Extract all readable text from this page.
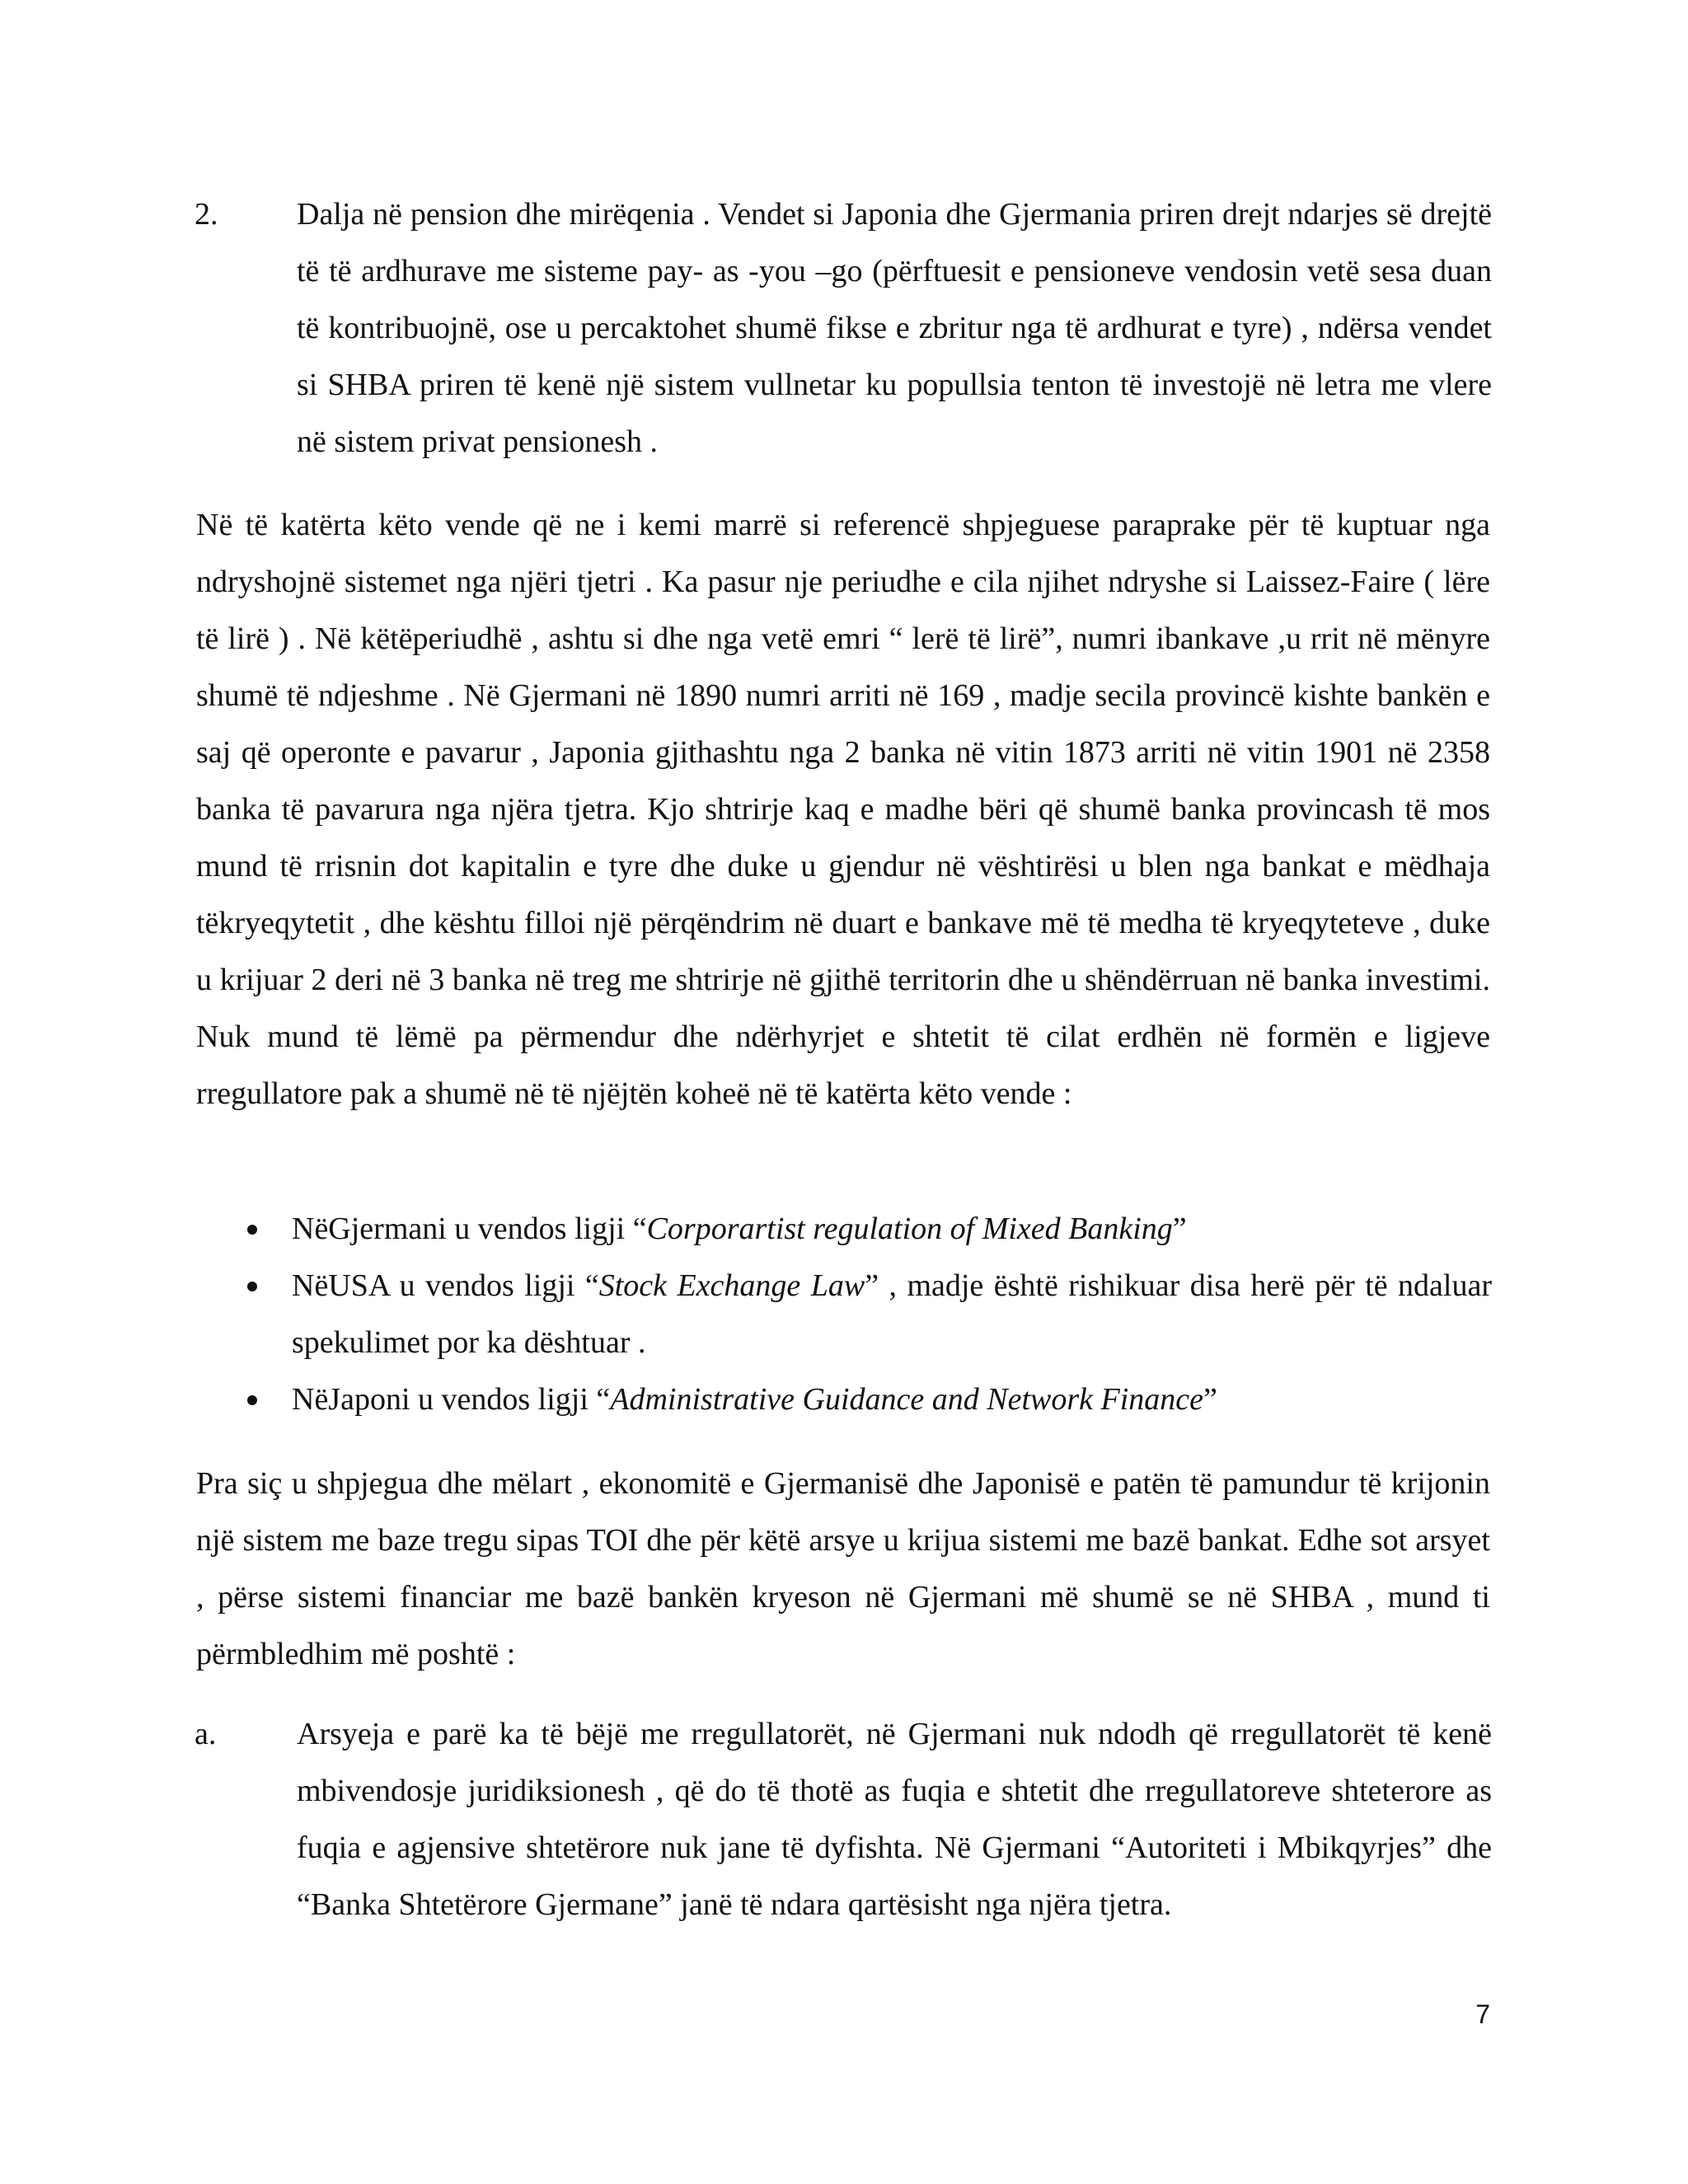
2.	Dalja në pension dhe mirëqenia . Vendet si Japonia dhe Gjermania priren drejt ndarjes së drejtë të të ardhurave me sisteme pay- as -you –go (përftuesit e pensioneve vendosin vetë sesa duan të kontribuojnë, ose u percaktohet shumë fikse e zbritur nga të ardhurat e tyre) , ndërsa vendet si SHBA priren të kenë një sistem vullnetar ku popullsia tenton të investojë në letra me vlere në sistem privat pensionesh .
Në të katërta këto vende që ne i kemi marrë si referencë shpjeguese paraprake për të kuptuar nga ndryshojnë sistemet nga njëri tjetri . Ka pasur nje periudhe e cila njihet ndryshe si Laissez-Faire ( lëre të lirë ) . Në këtëperiudhë , ashtu si dhe nga vetë emri “ lerë të lirë”, numri ibankave ,u rrit në mënyre shumë të ndjeshme . Në Gjermani në 1890 numri arriti në 169 , madje secila provincë kishte bankën e saj që operonte e pavarur , Japonia gjithashtu nga 2 banka në vitin 1873 arriti në vitin 1901 në 2358 banka të pavarura nga njëra tjetra. Kjo shtrirje kaq e madhe bëri që shumë banka provincash të mos mund të rrisnin dot kapitalin e tyre dhe duke u gjendur në vështirësi u blen nga bankat e mëdhaja tëkryeqytetit , dhe kështu filloi një përqëndrim në duart e bankave më të medha të kryeqyteteve , duke u krijuar 2 deri në 3 banka në treg me shtrirje në gjithë territorin dhe u shëndërruan në banka investimi. Nuk mund të lëmë pa përmendur dhe ndërhyrjet e shtetit të cilat erdhën në formën e ligjeve rregullatore pak a shumë në të njëjtën koheë në të katërta këto vende :
NëGjermani u vendos ligji “Corporartist regulation of Mixed Banking”
NëUSA u vendos ligji “Stock Exchange Law” , madje është rishikuar disa herë për të ndaluar spekulimet por ka dështuar .
NëJaponi u vendos ligji “Administrative Guidance and Network Finance”
Pra siç u shpjegua dhe mëlart , ekonomitë e Gjermanisë dhe Japonisë e patën të pamundur të krijonin një sistem me baze tregu sipas TOI dhe për këtë arsye u krijua sistemi me bazë bankat. Edhe sot arsyet , përse sistemi financiar me bazë bankën kryeson në Gjermani më shumë se në SHBA , mund ti përmbledhim më poshtë :
a.	Arsyeja e parë ka të bëjë me rregullatorët, në Gjermani nuk ndodh që rregullatorët të kenë mbivendosje juridiksionesh , që do të thotë as fuqia e shtetit dhe rregullatoreve shteterore as fuqia e agjensive shtetërore nuk jane të dyfishta. Në Gjermani “Autoriteti i Mbikqyrjes” dhe “Banka Shtetërore Gjermane” janë të ndara qartësisht nga njëra tjetra.
7
